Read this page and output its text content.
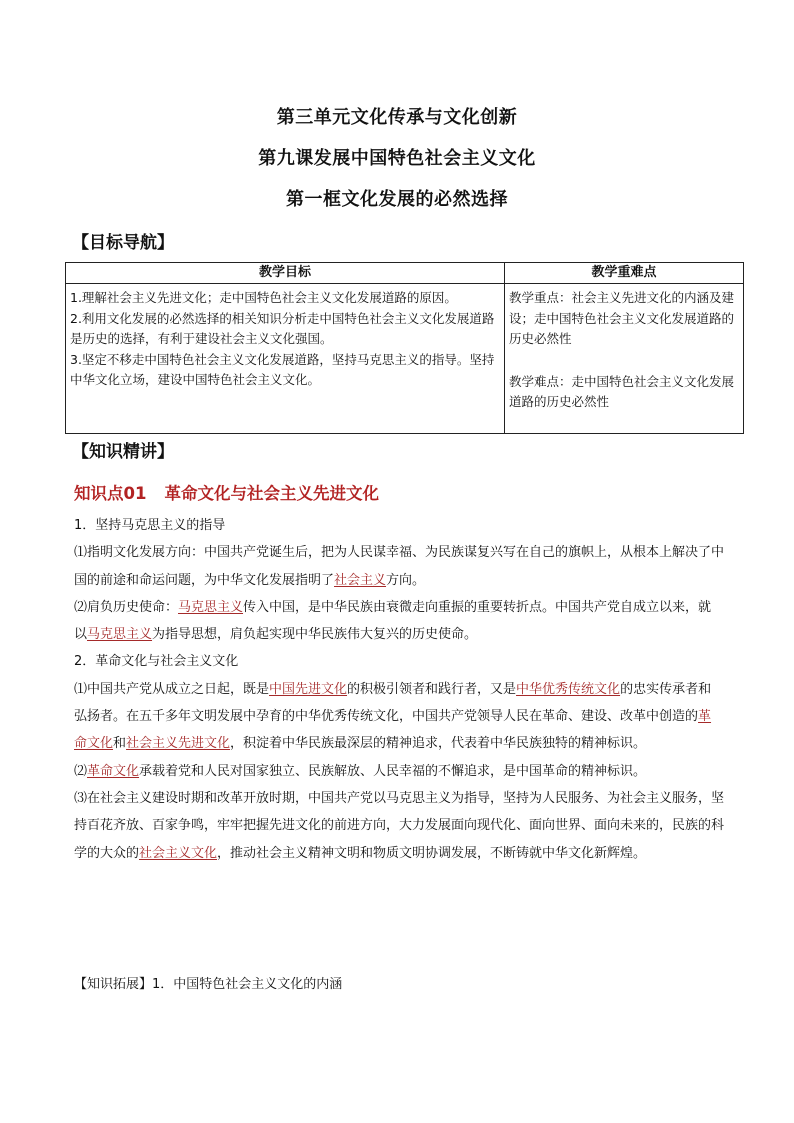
第三单元文化传承与文化创新
第九课发展中国特色社会主义文化
第一框文化发展的必然选择
【目标导航】
教学目标	教学重难点

1.理解社会主义先进文化；走中国特色社会主义文化发展道路的原因。
2.利用文化发展的必然选择的相关知识分析走中国特色社会主义文化发展道路是历史的选择，有利于建设社会主义文化强国。
3.坚定不移走中国特色社会主义文化发展道路，坚持马克思主义的指导。坚持中华文化立场，建设中国特色社会主义文化。	教学重点：社会主义先进文化的内涵及建设；走中国特色社会主义文化发展道路的历史必然性
教学难点：走中国特色社会主义文化发展道路的历史必然性
【知识精讲】
知识点01 革命文化与社会主义先进文化

1．坚持马克思主义的指导

⑴指明文化发展方向：中国共产党诞生后，把为人民谋幸福、为民族谋复兴写在自己的旗帜上，从根本上解决了中国的前途和命运问题，为中华文化发展指明了社会主义方向。

⑵肩负历史使命：马克思主义传入中国，是中华民族由衰微走向重振的重要转折点。中国共产党自成立以来，就以马克思主义为指导思想，肩负起实现中华民族伟大复兴的历史使命。

2．革命文化与社会主义文化

⑴中国共产党从成立之日起，既是中国先进文化的积极引领者和践行者，又是中华优秀传统文化的忠实传承者和弘扬者。在五千多年文明发展中孕育的中华优秀传统文化，中国共产党领导人民在革命、建设、改革中创造的革命文化和社会主义先进文化，积淀着中华民族最深层的精神追求，代表着中华民族独特的精神标识。

⑵革命文化承载着党和人民对国家独立、民族解放、人民幸福的不懈追求，是中国革命的精神标识。

⑶在社会主义建设时期和改革开放时期，中国共产党以马克思主义为指导，坚持为人民服务、为社会主义服务，坚持百花齐放、百家争鸣，牢牢把握先进文化的前进方向，大力发展面向现代化、面向世界、面向未来的，民族的科学的大众的社会主义文化，推动社会主义精神文明和物质文明协调发展，不断铸就中华文化新辉煌。

【知识拓展】1．中国特色社会主义文化的内涵
